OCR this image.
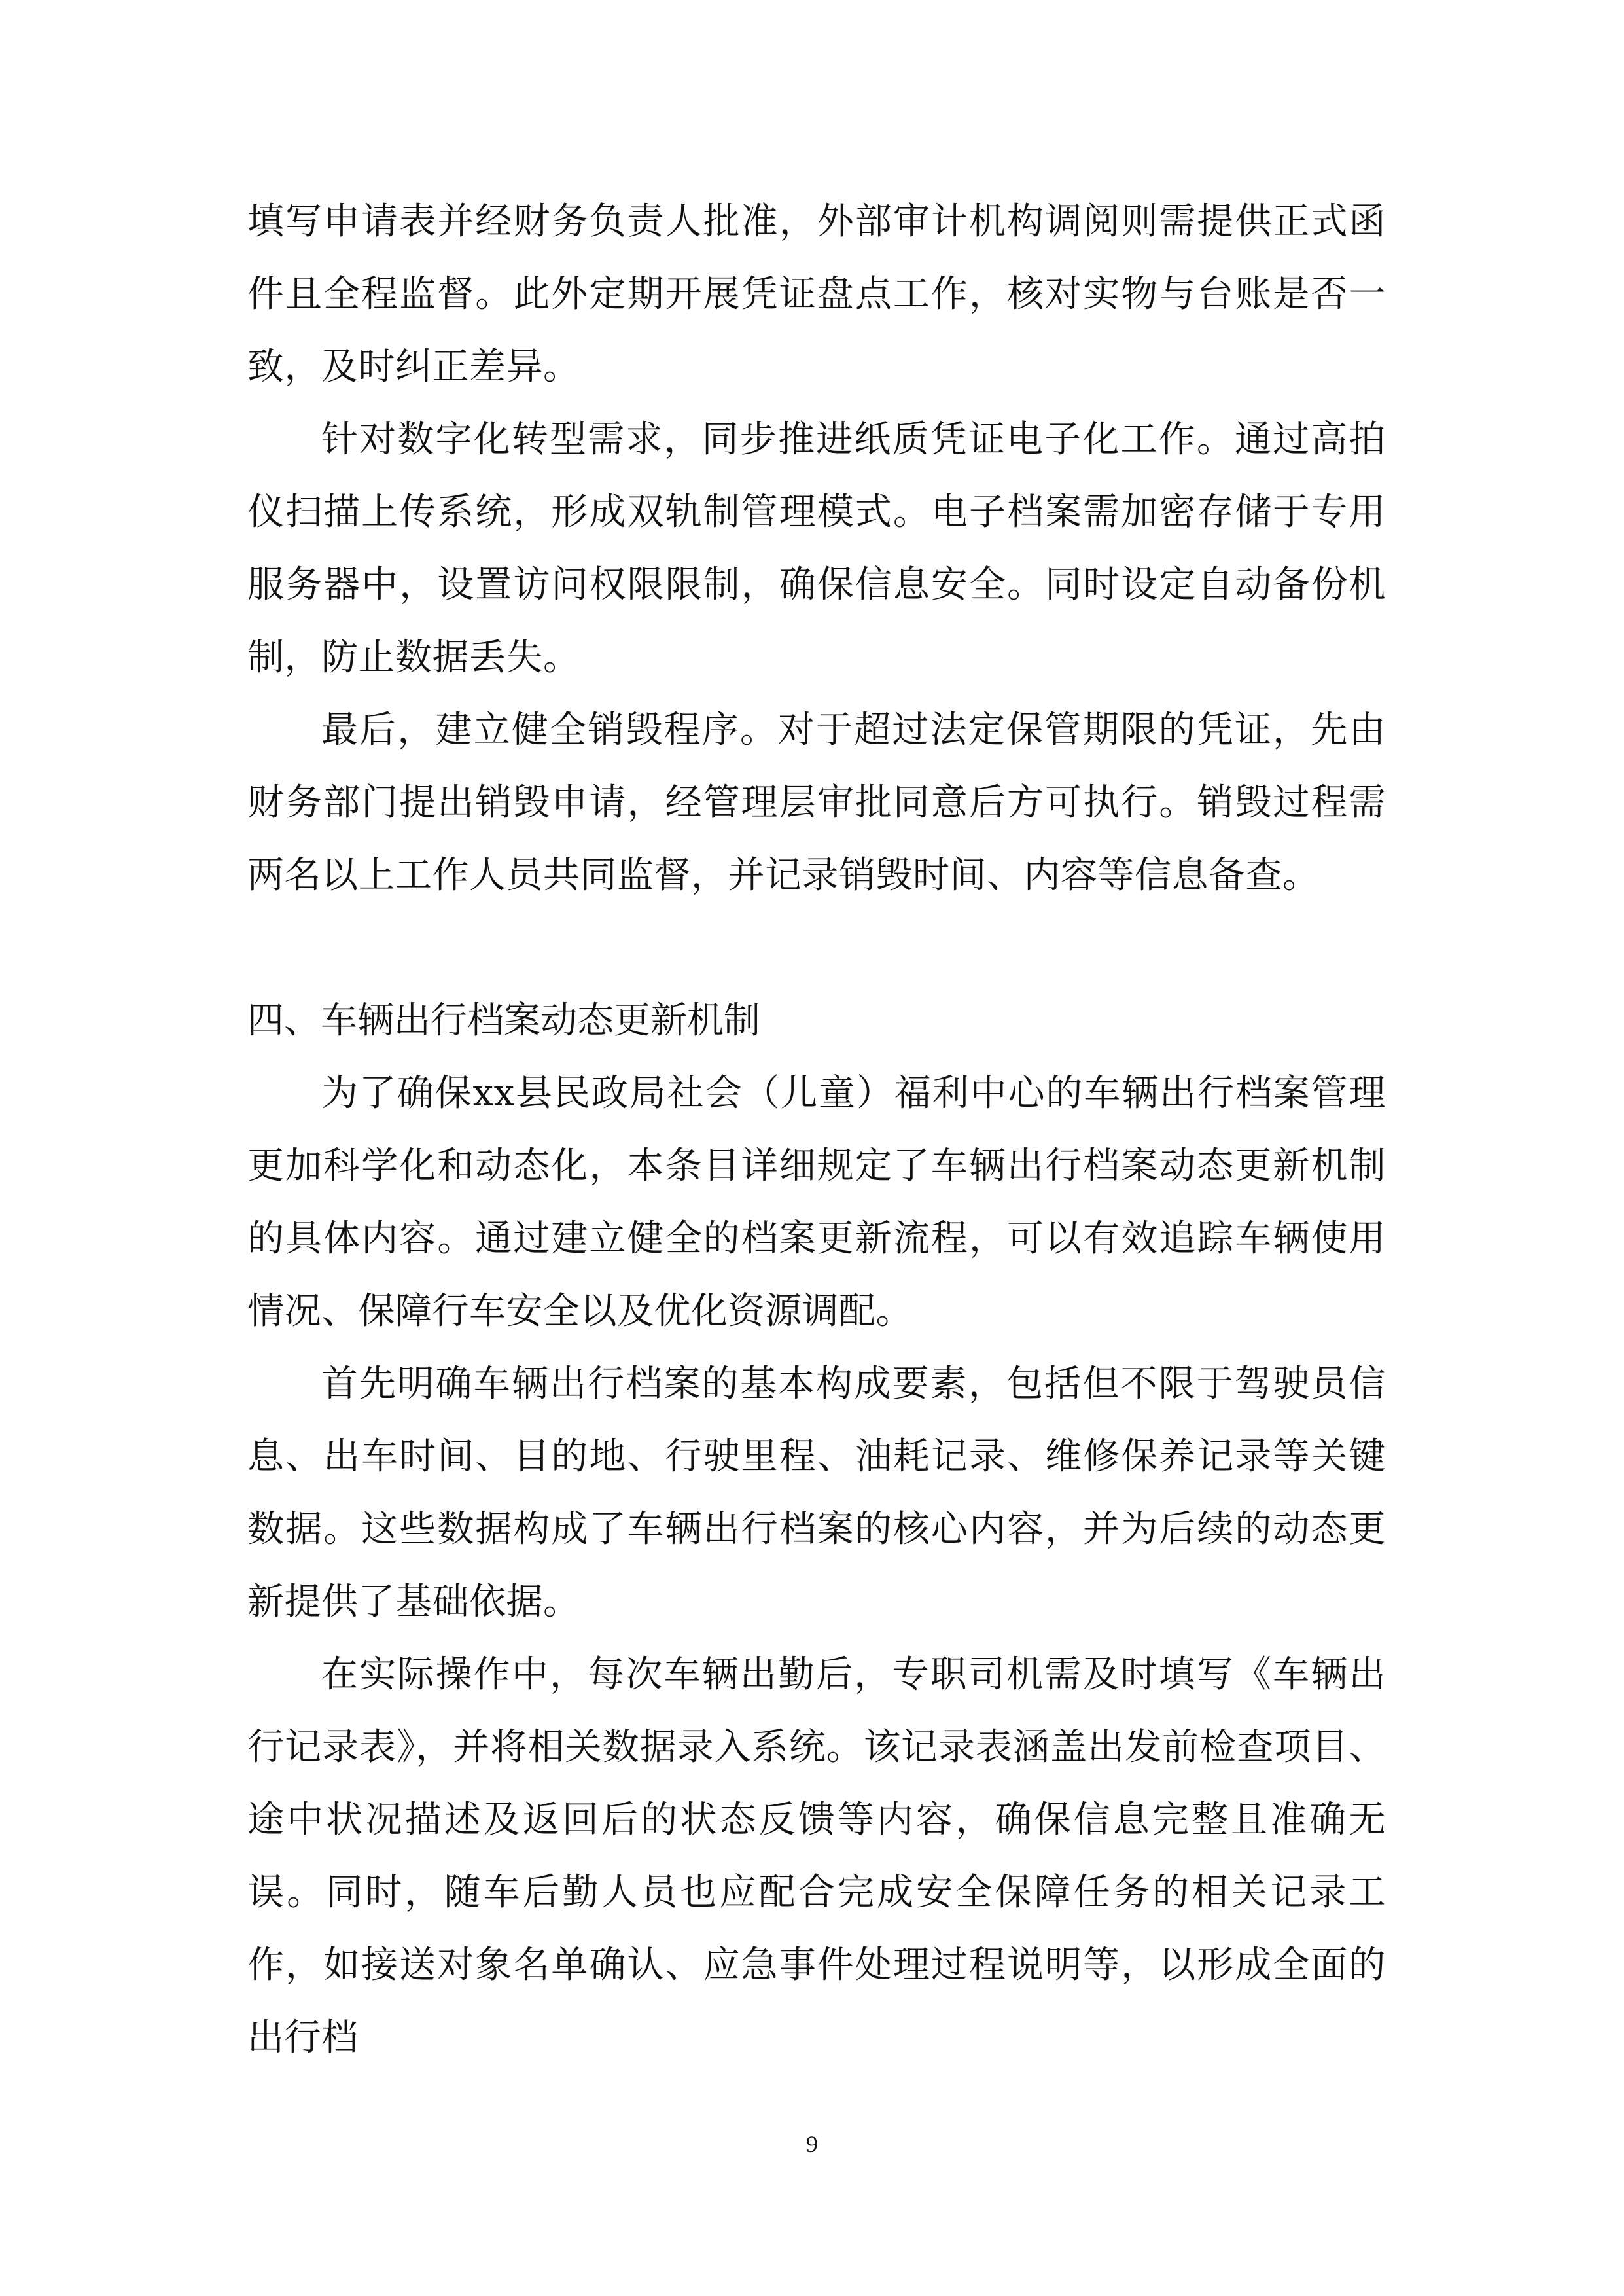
填写申请表并经财务负责人批准，外部审计机构调阅则需提供正式函件且全程监督。此外定期开展凭证盘点工作，核对实物与台账是否一致，及时纠正差异。

针对数字化转型需求，同步推进纸质凭证电子化工作。通过高拍仪扫描上传系统，形成双轨制管理模式。电子档案需加密存储于专用服务器中，设置访问权限限制，确保信息安全。同时设定自动备份机制，防止数据丢失。

最后，建立健全销毁程序。对于超过法定保管期限的凭证，先由财务部门提出销毁申请，经管理层审批同意后方可执行。销毁过程需两名以上工作人员共同监督，并记录销毁时间、内容等信息备查。

四、车辆出行档案动态更新机制

为了确保xx县民政局社会（儿童）福利中心的车辆出行档案管理更加科学化和动态化，本条目详细规定了车辆出行档案动态更新机制的具体内容。通过建立健全的档案更新流程，可以有效追踪车辆使用情况、保障行车安全以及优化资源调配。

首先明确车辆出行档案的基本构成要素，包括但不限于驾驶员信息、出车时间、目的地、行驶里程、油耗记录、维修保养记录等关键数据。这些数据构成了车辆出行档案的核心内容，并为后续的动态更新提供了基础依据。

在实际操作中，每次车辆出勤后，专职司机需及时填写《车辆出行记录表》，并将相关数据录入系统。该记录表涵盖出发前检查项目、途中状况描述及返回后的状态反馈等内容，确保信息完整且准确无误。同时，随车后勤人员也应配合完成安全保障任务的相关记录工作，如接送对象名单确认、应急事件处理过程说明等，以形成全面的出行档

9
